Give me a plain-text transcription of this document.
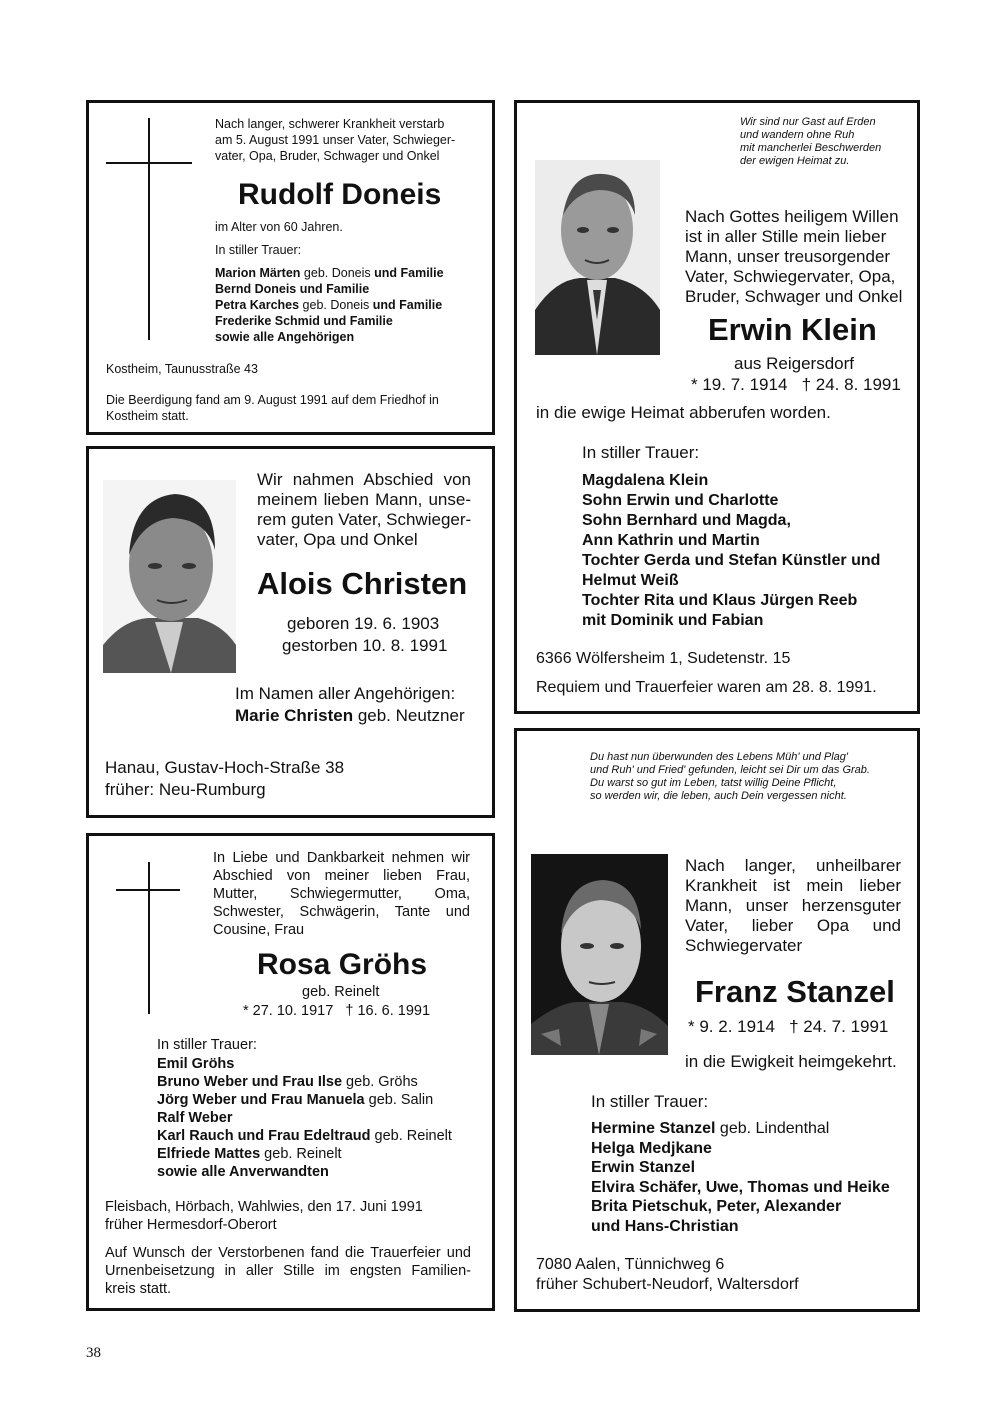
Nach langer, schwerer Krankheit verstarb
am 5. August 1991 unser Vater, Schwieger-
vater, Opa, Bruder, Schwager und Onkel
Rudolf Doneis
im Alter von 60 Jahren.
In stiller Trauer:
Marion Märten geb. Doneis und Familie
Bernd Doneis und Familie
Petra Karches geb. Doneis und Familie
Frederike Schmid und Familie
sowie alle Angehörigen
Kostheim, Taunusstraße 43
Die Beerdigung fand am 9. August 1991 auf dem Friedhof in
Kostheim statt.
Wir sind nur Gast auf Erden
und wandern ohne Ruh
mit mancherlei Beschwerden
der ewigen Heimat zu.
Nach Gottes heiligem Willen
ist in aller Stille mein lieber
Mann, unser treusorgender
Vater, Schwiegervater, Opa,
Bruder, Schwager und Onkel
Erwin Klein
aus Reigersdorf
* 19. 7. 1914   † 24. 8. 1991
in die ewige Heimat abberufen worden.
In stiller Trauer:
Magdalena Klein
Sohn Erwin und Charlotte
Sohn Bernhard und Magda,
Ann Kathrin und Martin
Tochter Gerda und Stefan Künstler und
Helmut Weiß
Tochter Rita und Klaus Jürgen Reeb
mit Dominik und Fabian
6366 Wölfersheim 1, Sudetenstr. 15
Requiem und Trauerfeier waren am 28. 8. 1991.
Wir nahmen Abschied von
meinem lieben Mann, unse-
rem guten Vater, Schwieger-
vater, Opa und Onkel
Alois Christen
geboren 19. 6. 1903
gestorben 10. 8. 1991
Im Namen aller Angehörigen:
Marie Christen geb. Neutzner
Hanau, Gustav-Hoch-Straße 38
früher: Neu-Rumburg
Du hast nun überwunden des Lebens Müh' und Plag'
und Ruh' und Fried' gefunden, leicht sei Dir um das Grab.
Du warst so gut im Leben, tatst willig Deine Pflicht,
so werden wir, die leben, auch Dein vergessen nicht.
Nach langer, unheilbarer
Krankheit ist mein lieber
Mann, unser herzensguter
Vater, lieber Opa und
Schwiegervater
Franz Stanzel
* 9. 2. 1914   † 24. 7. 1991
in die Ewigkeit heimgekehrt.
In stiller Trauer:
Hermine Stanzel geb. Lindenthal
Helga Medjkane
Erwin Stanzel
Elvira Schäfer, Uwe, Thomas und Heike
Brita Pietschuk, Peter, Alexander
und Hans-Christian
7080 Aalen, Tünnichweg 6
früher Schubert-Neudorf, Waltersdorf
In Liebe und Dankbarkeit nehmen wir
Abschied von meiner lieben Frau,
Mutter, Schwiegermutter, Oma,
Schwester, Schwägerin, Tante und
Cousine, Frau
Rosa Gröhs
geb. Reinelt
* 27. 10. 1917   † 16. 6. 1991
In stiller Trauer:
Emil Gröhs
Bruno Weber und Frau Ilse geb. Gröhs
Jörg Weber und Frau Manuela geb. Salin
Ralf Weber
Karl Rauch und Frau Edeltraud geb. Reinelt
Elfriede Mattes geb. Reinelt
sowie alle Anverwandten
Fleisbach, Hörbach, Wahlwies, den 17. Juni 1991
früher Hermesdorf-Oberort
Auf Wunsch der Verstorbenen fand die Trauerfeier und
Urnenbeisetzung in aller Stille im engsten Familien-
kreis statt.
38
